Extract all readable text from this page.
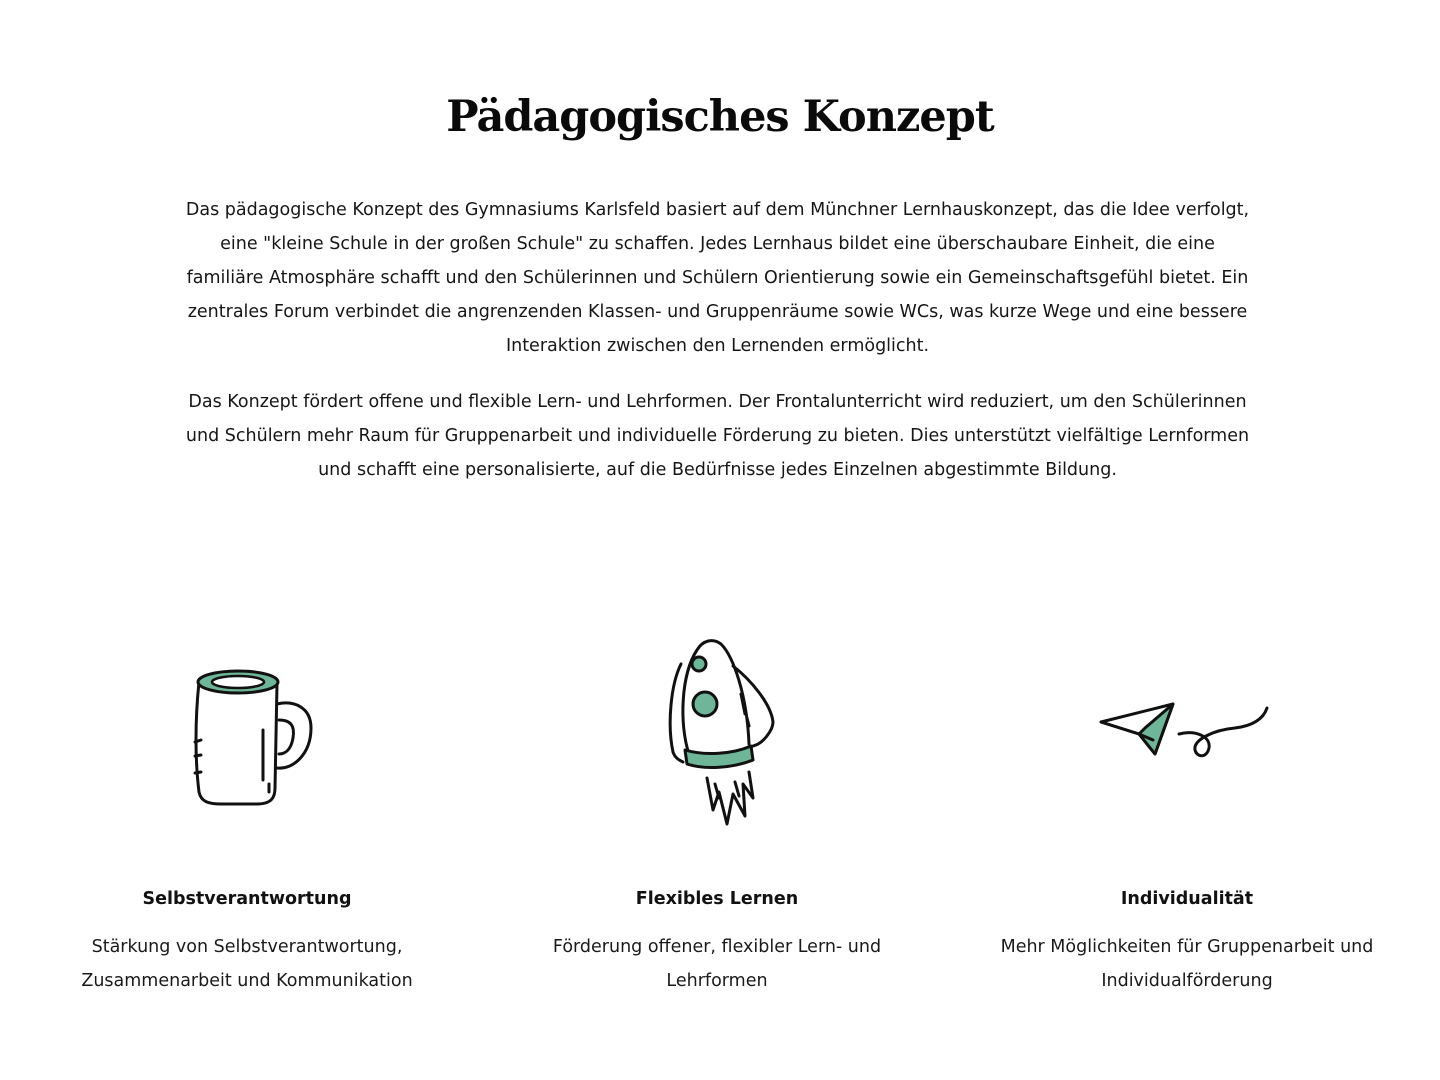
Pädagogisches Konzept

Das pädagogische Konzept des Gymnasiums Karlsfeld basiert auf dem Münchner Lernhauskonzept, das die Idee verfolgt, eine "kleine Schule in der großen Schule" zu schaffen. Jedes Lernhaus bildet eine überschaubare Einheit, die eine familiäre Atmosphäre schafft und den Schülerinnen und Schülern Orientierung sowie ein Gemeinschaftsgefühl bietet. Ein zentrales Forum verbindet die angrenzenden Klassen- und Gruppenräume sowie WCs, was kurze Wege und eine bessere Interaktion zwischen den Lernenden ermöglicht.

Das Konzept fördert offene und flexible Lern- und Lehrformen. Der Frontalunterricht wird reduziert, um den Schülerinnen und Schülern mehr Raum für Gruppenarbeit und individuelle Förderung zu bieten. Dies unterstützt vielfältige Lernformen und schafft eine personalisierte, auf die Bedürfnisse jedes Einzelnen abgestimmte Bildung.

Selbstverantwortung

Stärkung von Selbstverantwortung, Zusammenarbeit und Kommunikation

Flexibles Lernen

Förderung offener, flexibler Lern- und Lehrformen

Individualität

Mehr Möglichkeiten für Gruppenarbeit und Individualförderung
